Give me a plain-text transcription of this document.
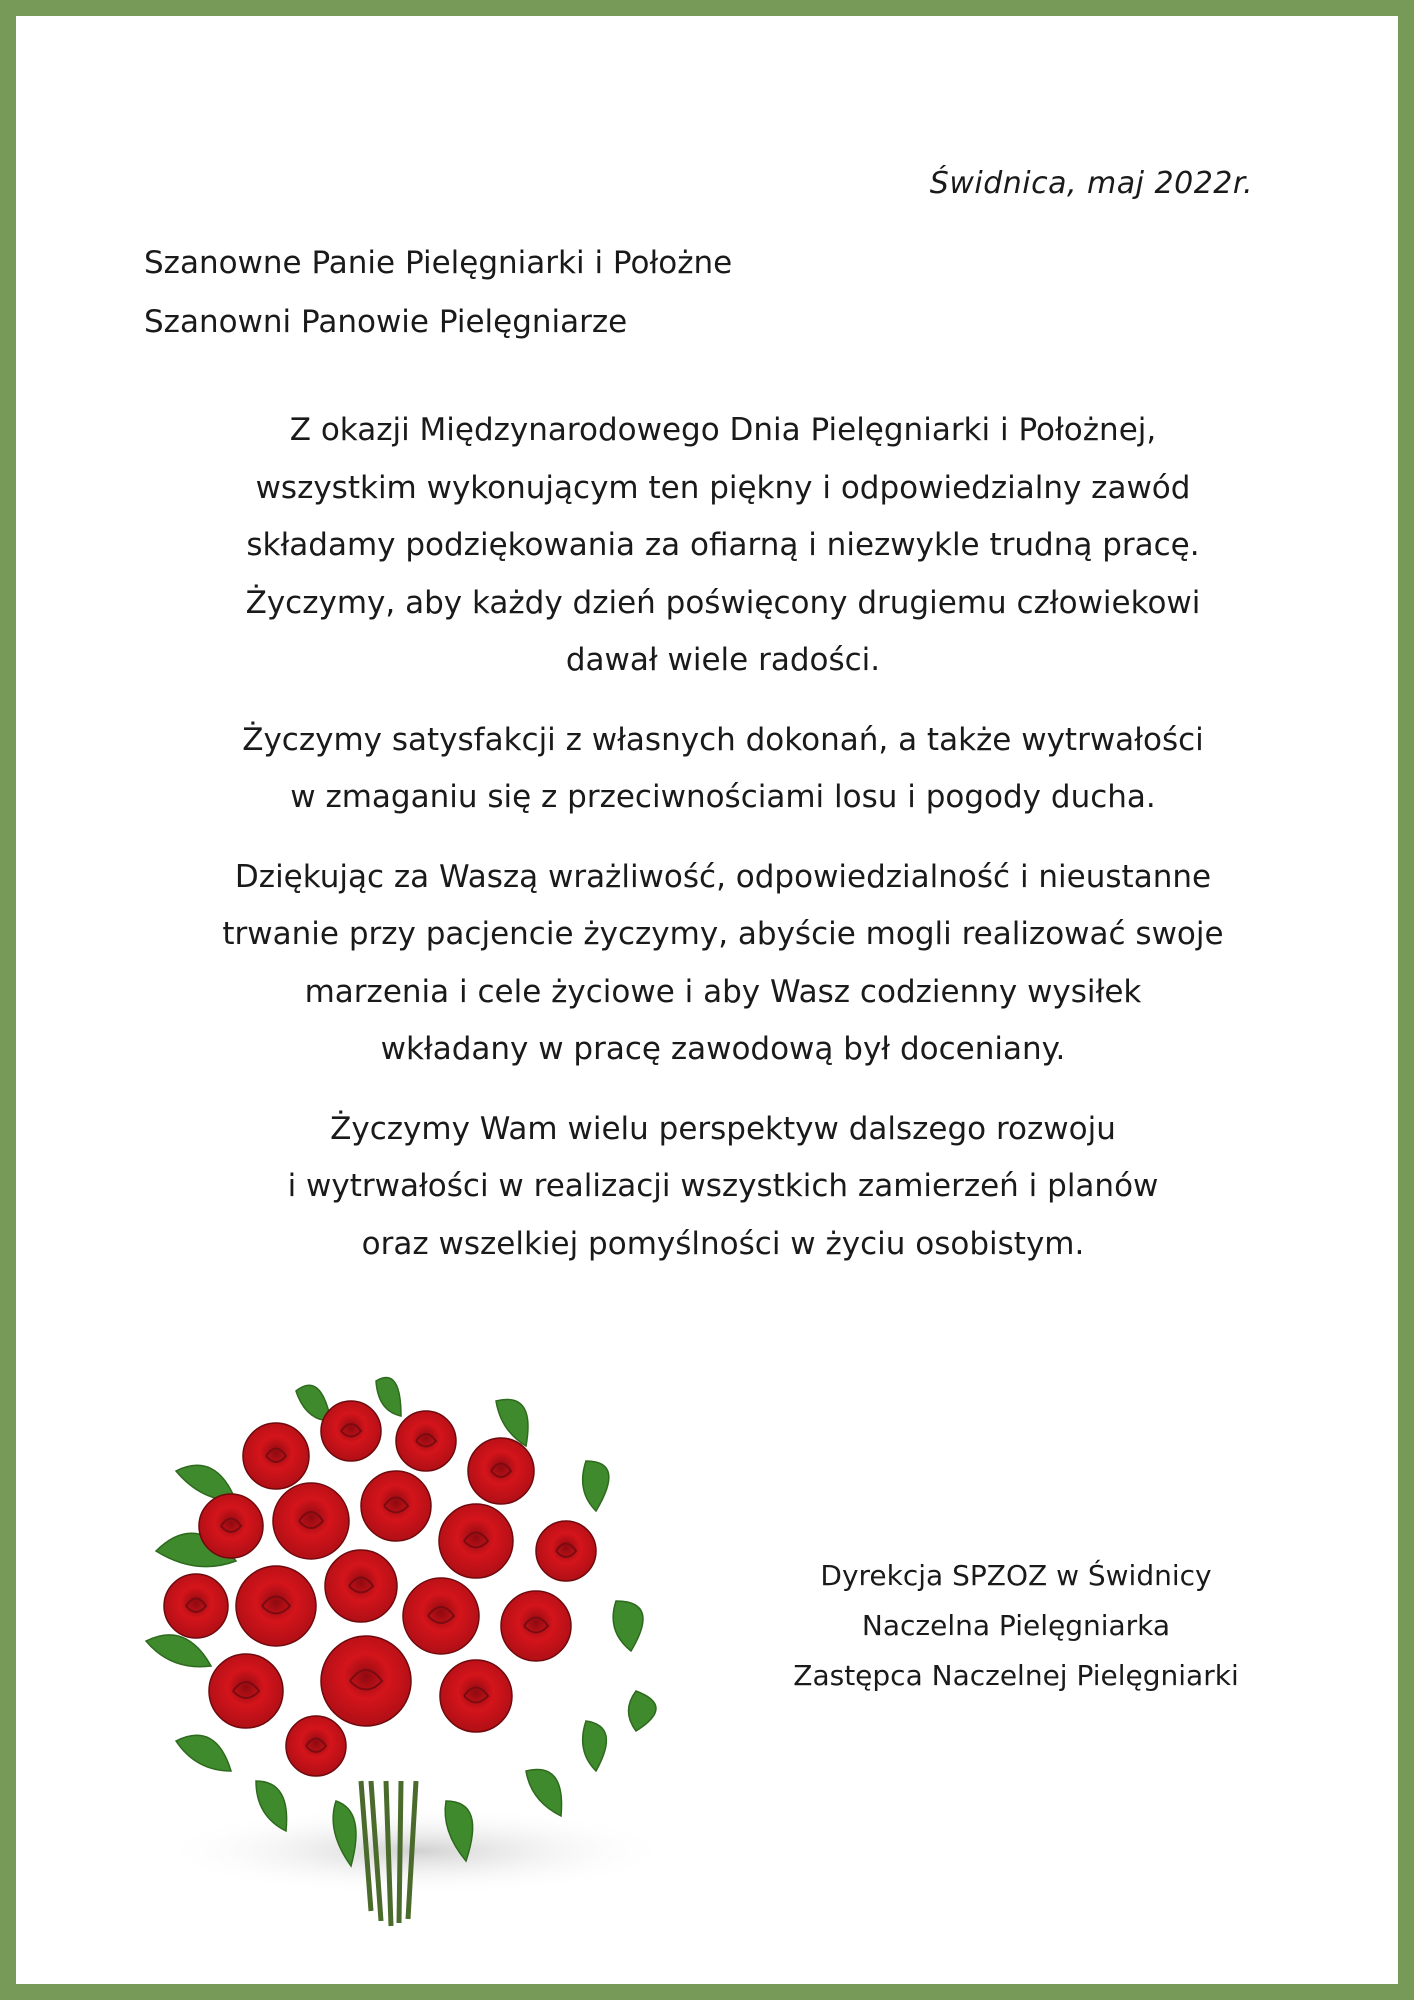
Świdnica, maj 2022r.
Szanowne Panie Pielęgniarki i Położne
Szanowni Panowie Pielęgniarze

Z okazji Międzynarodowego Dnia Pielęgniarki i Położnej,
wszystkim wykonującym ten piękny i odpowiedzialny zawód
składamy podziękowania za ofiarną i niezwykle trudną pracę.
Życzymy, aby każdy dzień poświęcony drugiemu człowiekowi
dawał wiele radości.

Życzymy satysfakcji z własnych dokonań, a także wytrwałości
w zmaganiu się z przeciwnościami losu i pogody ducha.

Dziękując za Waszą wrażliwość, odpowiedzialność i nieustanne
trwanie przy pacjencie życzymy, abyście mogli realizować swoje
marzenia i cele życiowe i aby Wasz codzienny wysiłek
wkładany w pracę zawodową był doceniany.

Życzymy Wam wielu perspektyw dalszego rozwoju
i wytrwałości w realizacji wszystkich zamierzeń i planów
oraz wszelkiej pomyślności w życiu osobistym.

Dyrekcja SPZOZ w Świdnicy
Naczelna Pielęgniarka
Zastępca Naczelnej Pielęgniarki
